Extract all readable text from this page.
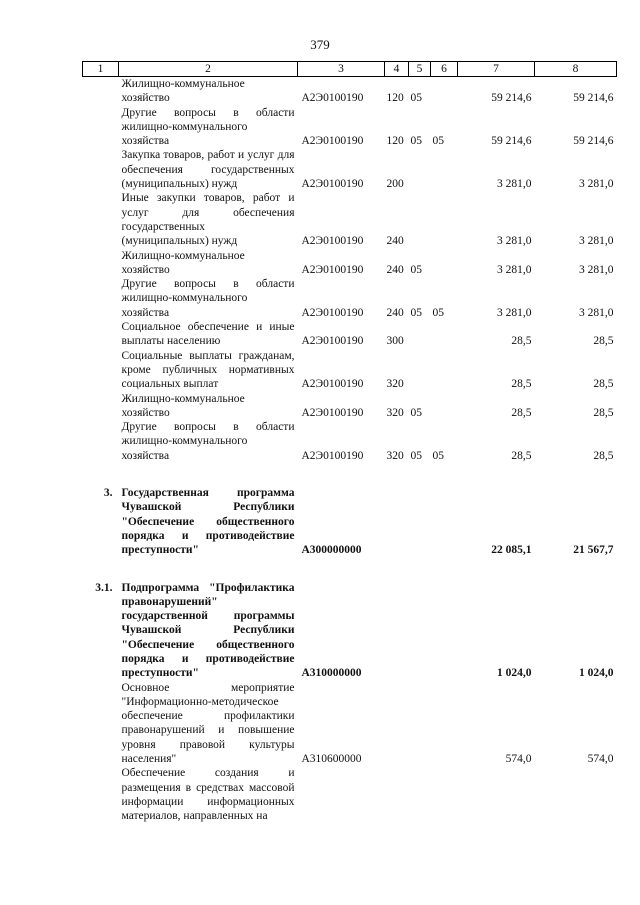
379
1	2	3	4	5	6	7	8
	Жилищно-коммунальное хозяйство	А2Э0100190	120	05		59 214,6	59 214,6
	Другие вопросы в области жилищно-коммунального хозяйства	А2Э0100190	120	05	05	59 214,6	59 214,6
	Закупка товаров, работ и услуг для обеспечения государственных (муниципальных) нужд	А2Э0100190	200			3 281,0	3 281,0
	Иные закупки товаров, работ и услуг для обеспечения государственных (муниципальных) нужд	А2Э0100190	240			3 281,0	3 281,0
	Жилищно-коммунальное хозяйство	А2Э0100190	240	05		3 281,0	3 281,0
	Другие вопросы в области жилищно-коммунального хозяйства	А2Э0100190	240	05	05	3 281,0	3 281,0
	Социальное обеспечение и иные выплаты населению	А2Э0100190	300			28,5	28,5
	Социальные выплаты гражданам, кроме публичных нормативных социальных выплат	А2Э0100190	320			28,5	28,5
	Жилищно-коммунальное хозяйство	А2Э0100190	320	05		28,5	28,5
	Другие вопросы в области жилищно-коммунального хозяйства	А2Э0100190	320	05	05	28,5	28,5

3.	Государственная программа Чувашской Республики "Обеспечение общественного порядка и противодействие преступности"	А300000000				22 085,1	21 567,7

3.1.	Подпрограмма "Профилактика правонарушений" государственной программы Чувашской Республики "Обеспечение общественного порядка и противодействие преступности"	А310000000				1 024,0	1 024,0
	Основное мероприятие "Информационно-методическое обеспечение профилактики правонарушений и повышение уровня правовой культуры населения"	А310600000				574,0	574,0
	Обеспечение создания и размещения в средствах массовой информации информационных материалов, направленных на						
